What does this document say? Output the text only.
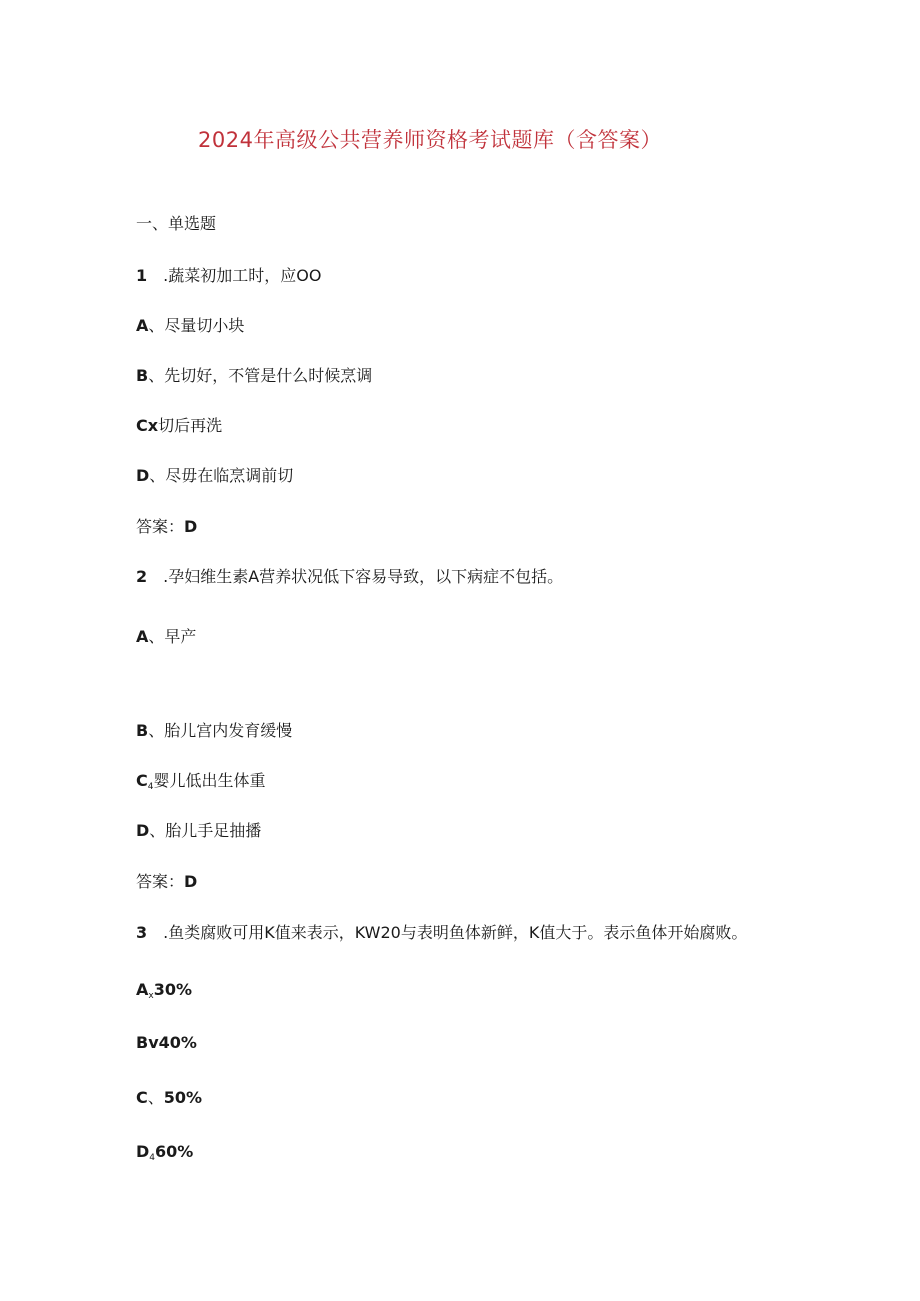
2024年高级公共营养师资格考试题库（含答案）
一、单选题
1 .蔬菜初加工时，应OO
A、尽量切小块
B、先切好，不管是什么时候烹调
Cx切后再洗
D、尽毋在临烹调前切
答案：D
2 .孕妇维生素A营养状况低下容易导致，以下病症不包括。
A、早产
B、胎儿宫内发育缓慢
$C_4$婴儿低出生体重
D、胎儿手足抽播
答案：D
3 .鱼类腐败可用K值来表示，KW20与表明鱼体新鲜，K值大于。表示鱼体开始腐败。
$A_x30\%$
Bv40%
C、50%
$D_460\%$
